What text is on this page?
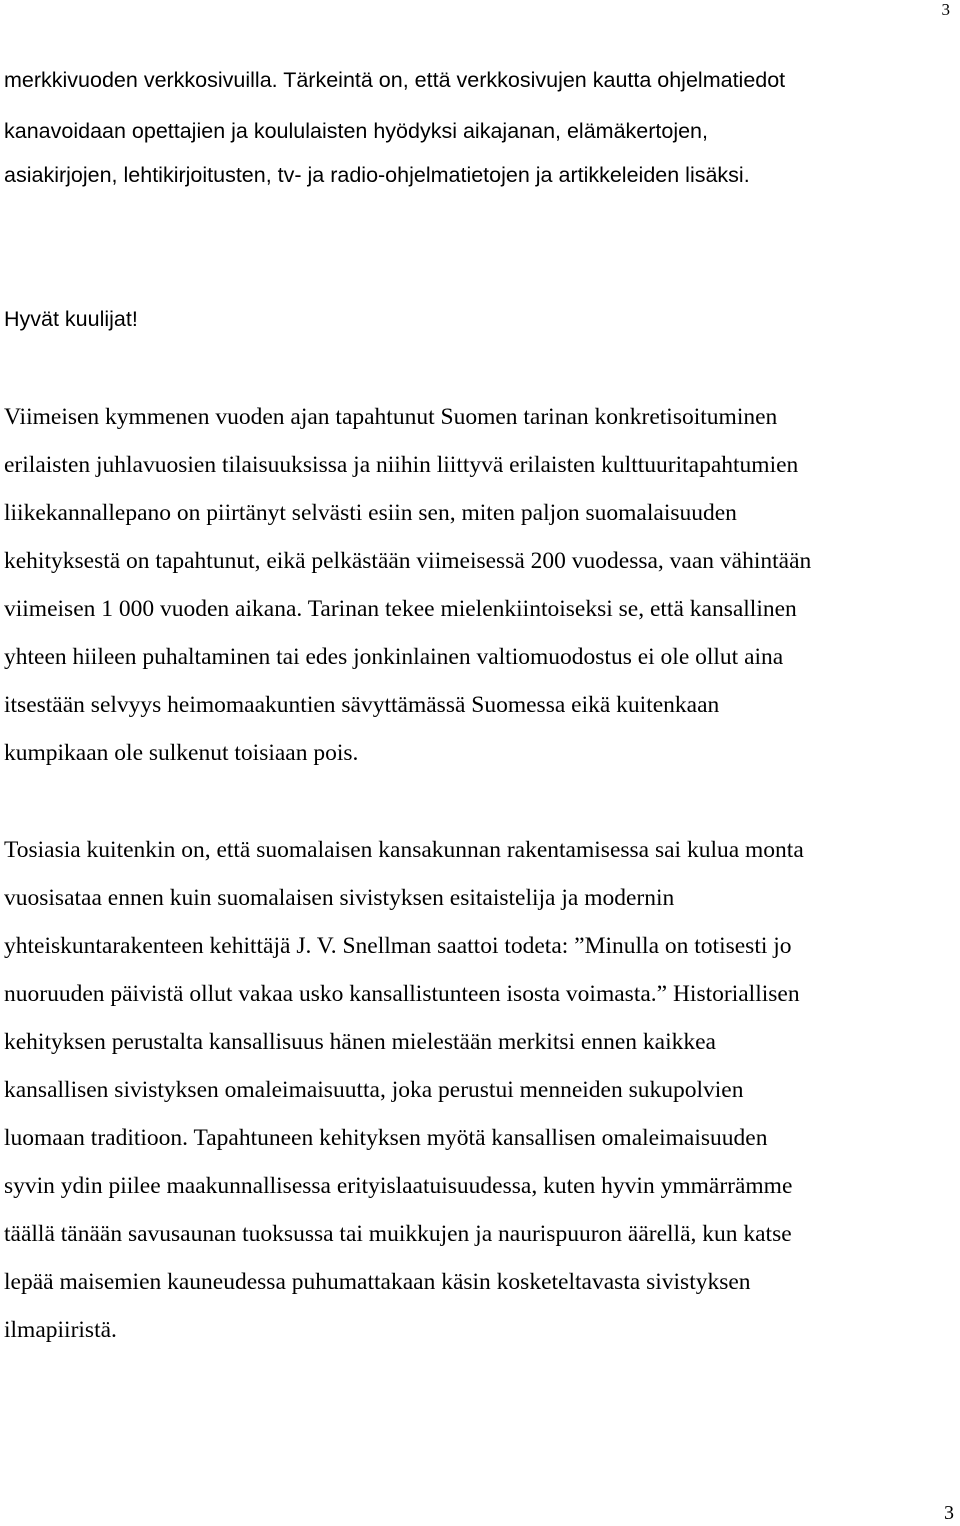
3
merkkivuoden verkkosivuilla. Tärkeintä on, että verkkosivujen kautta ohjelmatiedot
kanavoidaan opettajien ja koululaisten hyödyksi aikajanan, elämäkertojen,
asiakirjojen, lehtikirjoitusten, tv- ja radio-ohjelmatietojen ja artikkeleiden lisäksi.
Hyvät kuulijat!
Viimeisen kymmenen vuoden ajan tapahtunut Suomen tarinan konkretisoituminen
erilaisten juhlavuosien tilaisuuksissa ja niihin liittyvä erilaisten kulttuuritapahtumien
liikekannallepano on piirtänyt selvästi esiin sen, miten paljon suomalaisuuden
kehityksestä on tapahtunut, eikä pelkästään viimeisessä 200 vuodessa, vaan vähintään
viimeisen 1 000 vuoden aikana. Tarinan tekee mielenkiintoiseksi se, että kansallinen
yhteen hiileen puhaltaminen tai edes jonkinlainen valtiomuodostus ei ole ollut aina
itsestään selvyys heimomaakuntien sävyttämässä Suomessa eikä kuitenkaan
kumpikaan ole sulkenut toisiaan pois.
Tosiasia kuitenkin on, että suomalaisen kansakunnan rakentamisessa sai kulua monta
vuosisataa ennen kuin suomalaisen sivistyksen esitaistelija ja modernin
yhteiskuntarakenteen kehittäjä J. V. Snellman saattoi todeta: ”Minulla on totisesti jo
nuoruuden päivistä ollut vakaa usko kansallistunteen isosta voimasta.” Historiallisen
kehityksen perustalta kansallisuus hänen mielestään merkitsi ennen kaikkea
kansallisen sivistyksen omaleimaisuutta, joka perustui menneiden sukupolvien
luomaan traditioon. Tapahtuneen kehityksen myötä kansallisen omaleimaisuuden
syvin ydin piilee maakunnallisessa erityislaatuisuudessa, kuten hyvin ymmärrämme
täällä tänään savusaunan tuoksussa tai muikkujen ja naurispuuron äärellä, kun katse
lepää maisemien kauneudessa puhumattakaan käsin kosketeltavasta sivistyksen
ilmapiiristä.
3
